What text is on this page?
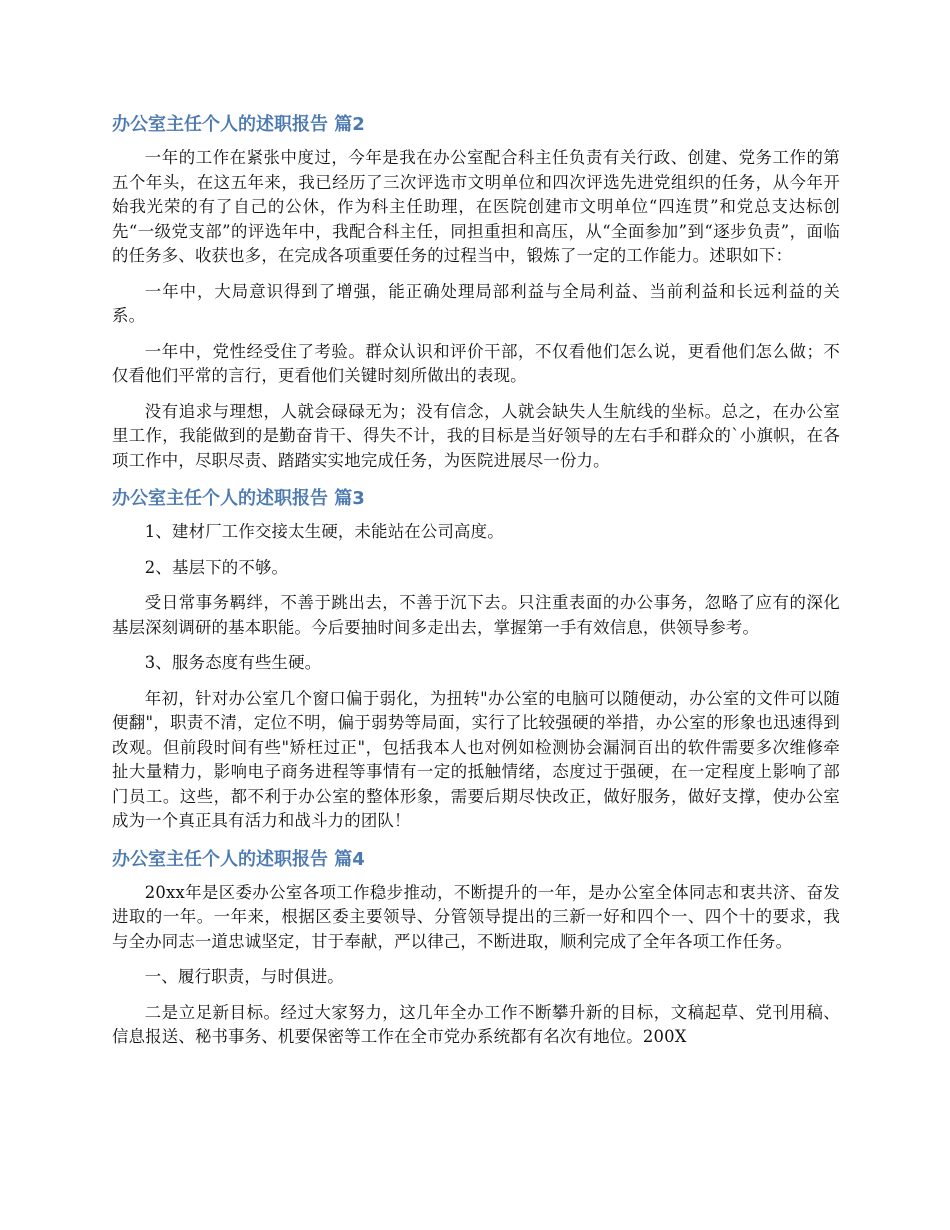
办公室主任个人的述职报告 篇2

一年的工作在紧张中度过，今年是我在办公室配合科主任负责有关行政、创建、党务工作的第五个年头，在这五年来，我已经历了三次评选市文明单位和四次评选先进党组织的任务，从今年开始我光荣的有了自己的公休，作为科主任助理，在医院创建市文明单位“四连贯”和党总支达标创先“一级党支部”的评选年中，我配合科主任，同担重担和高压，从“全面参加”到“逐步负责”，面临的任务多、收获也多，在完成各项重要任务的过程当中，锻炼了一定的工作能力。述职如下：

一年中，大局意识得到了增强，能正确处理局部利益与全局利益、当前利益和长远利益的关系。

一年中，党性经受住了考验。群众认识和评价干部，不仅看他们怎么说，更看他们怎么做；不仅看他们平常的言行，更看他们关键时刻所做出的表现。

没有追求与理想，人就会碌碌无为；没有信念，人就会缺失人生航线的坐标。总之，在办公室里工作，我能做到的是勤奋肯干、得失不计，我的目标是当好领导的左右手和群众的`小旗帜，在各项工作中，尽职尽责、踏踏实实地完成任务，为医院进展尽一份力。

办公室主任个人的述职报告 篇3

1、建材厂工作交接太生硬，未能站在公司高度。

2、基层下的不够。

受日常事务羁绊，不善于跳出去，不善于沉下去。只注重表面的办公事务，忽略了应有的深化基层深刻调研的基本职能。今后要抽时间多走出去，掌握第一手有效信息，供领导参考。

3、服务态度有些生硬。

年初，针对办公室几个窗口偏于弱化，为扭转"办公室的电脑可以随便动，办公室的文件可以随便翻"，职责不清，定位不明，偏于弱势等局面，实行了比较强硬的举措，办公室的形象也迅速得到改观。但前段时间有些"矫枉过正"，包括我本人也对例如检测协会漏洞百出的软件需要多次维修牵扯大量精力，影响电子商务进程等事情有一定的抵触情绪，态度过于强硬，在一定程度上影响了部门员工。这些，都不利于办公室的整体形象，需要后期尽快改正，做好服务，做好支撑，使办公室成为一个真正具有活力和战斗力的团队！

办公室主任个人的述职报告 篇4

20xx年是区委办公室各项工作稳步推动，不断提升的一年，是办公室全体同志和衷共济、奋发进取的一年。一年来，根据区委主要领导、分管领导提出的三新一好和四个一、四个十的要求，我与全办同志一道忠诚坚定，甘于奉献，严以律己，不断进取，顺利完成了全年各项工作任务。

一、履行职责，与时俱进。

二是立足新目标。经过大家努力，这几年全办工作不断攀升新的目标，文稿起草、党刊用稿、信息报送、秘书事务、机要保密等工作在全市党办系统都有名次有地位。200X
